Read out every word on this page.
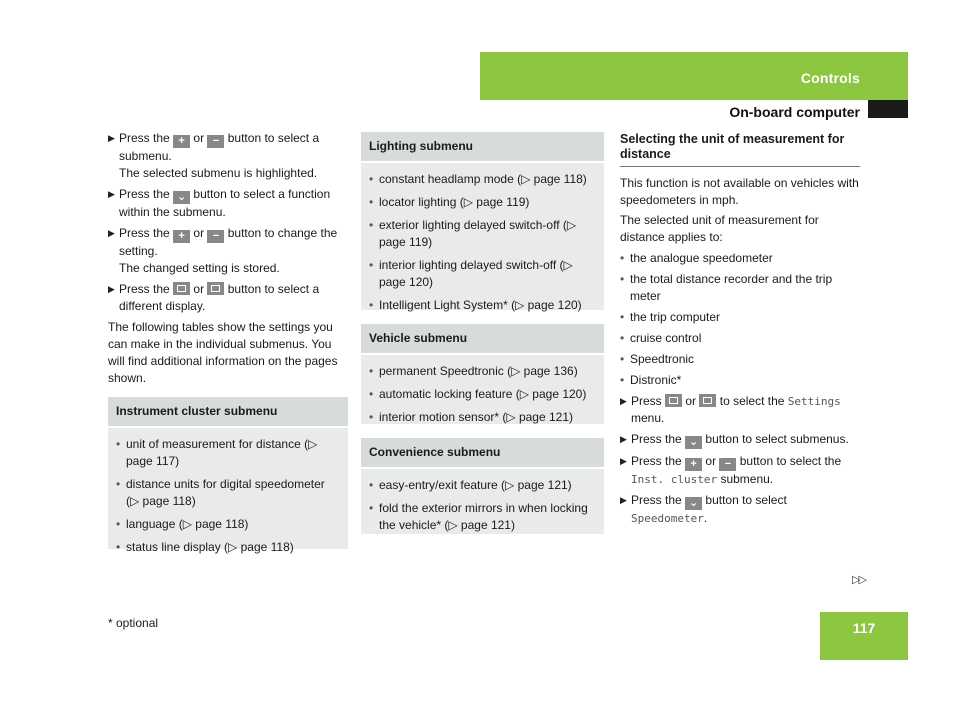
Controls
On-board computer
▶ Press the + or − button to select a submenu.

The selected submenu is highlighted.

▶ Press the ⌄ button to select a function within the submenu.
▶ Press the + or − button to change the setting.

The changed setting is stored.

▶ Press the or button to select a different display.

The following tables show the settings you can make in the individual submenus. You will find additional information on the pages shown.

Instrument cluster submenu
• unit of measurement for distance (▷ page 117)
• distance units for digital speedometer (▷ page 118)
• language (▷ page 118)
• status line display (▷ page 118)
Lighting submenu
• constant headlamp mode (▷ page 118)
• locator lighting (▷ page 119)
• exterior lighting delayed switch-off (▷ page 119)
• interior lighting delayed switch-off (▷ page 120)
• Intelligent Light System* (▷ page 120)
Vehicle submenu
• permanent Speedtronic (▷ page 136)
• automatic locking feature (▷ page 120)
• interior motion sensor* (▷ page 121)
Convenience submenu
• easy-entry/exit feature (▷ page 121)
• fold the exterior mirrors in when locking the vehicle* (▷ page 121)
Selecting the unit of measurement for distance

This function is not available on vehicles with speedometers in mph.

The selected unit of measurement for distance applies to:

• the analogue speedometer
• the total distance recorder and the trip meter
• the trip computer
• cruise control
• Speedtronic
• Distronic*
▶ Press or to select the Settings menu.
▶ Press the ⌄ button to select submenus.
▶ Press the + or − button to select the Inst. cluster submenu.
▶ Press the ⌄ button to select Speedometer.
▷▷
* optional	117
